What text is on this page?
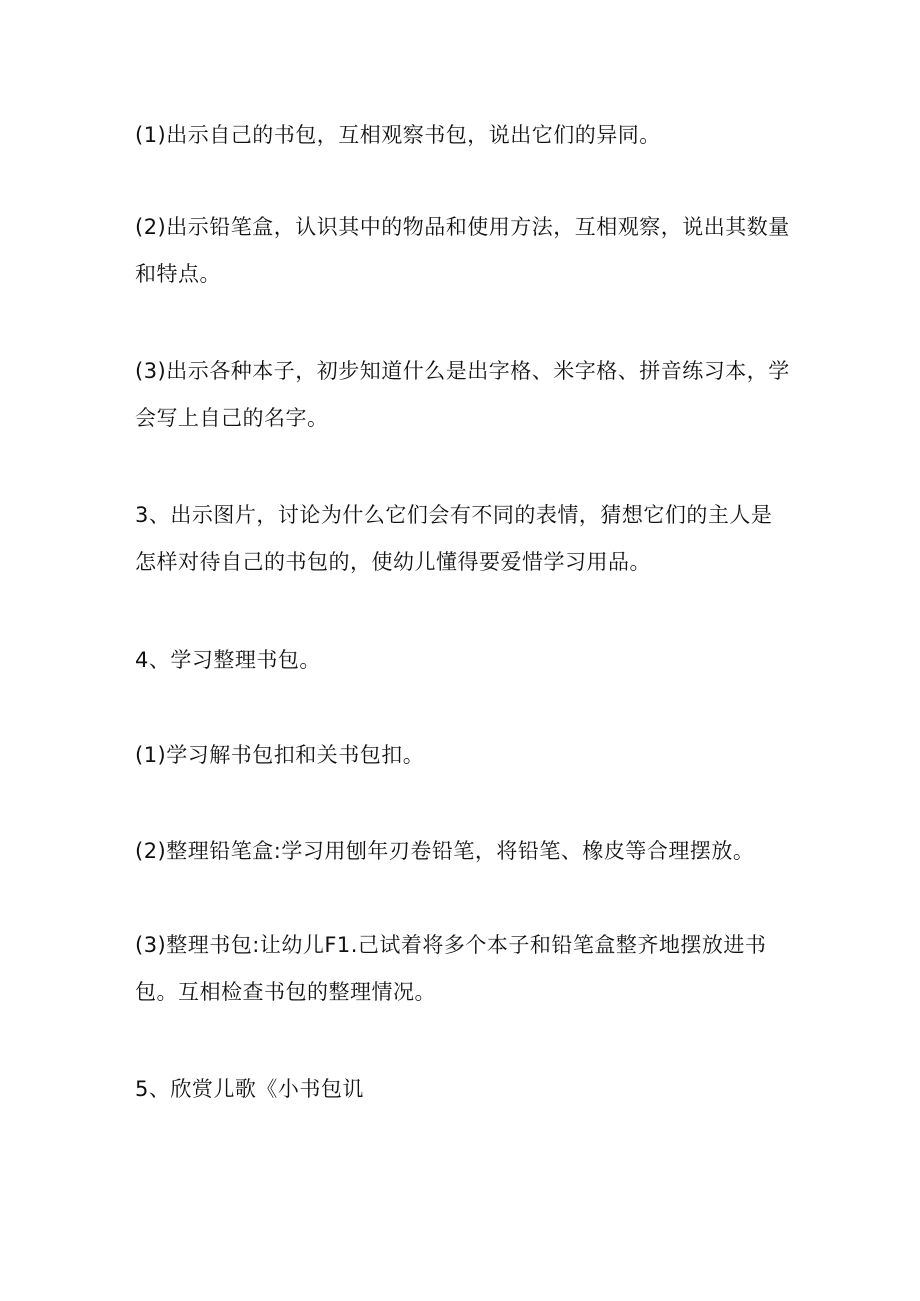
(1)出示自己的书包，互相观察书包，说出它们的异同。

(2)出示铅笔盒，认识其中的物品和使用方法，互相观察，说出其数量
和特点。

(3)出示各种本子，初步知道什么是出字格、米字格、拼音练习本，学
会写上自己的名字。

3、出示图片，讨论为什么它们会有不同的表情，猜想它们的主人是
怎样对待自己的书包的，使幼儿懂得要爱惜学习用品。

4、学习整理书包。

(1)学习解书包扣和关书包扣。

(2)整理铅笔盒:学习用刨年刃卷铅笔，将铅笔、橡皮等合理摆放。

(3)整理书包:让幼儿F1.己试着将多个本子和铅笔盒整齐地摆放进书
包。互相检查书包的整理情况。

5、欣赏儿歌《小书包讥
